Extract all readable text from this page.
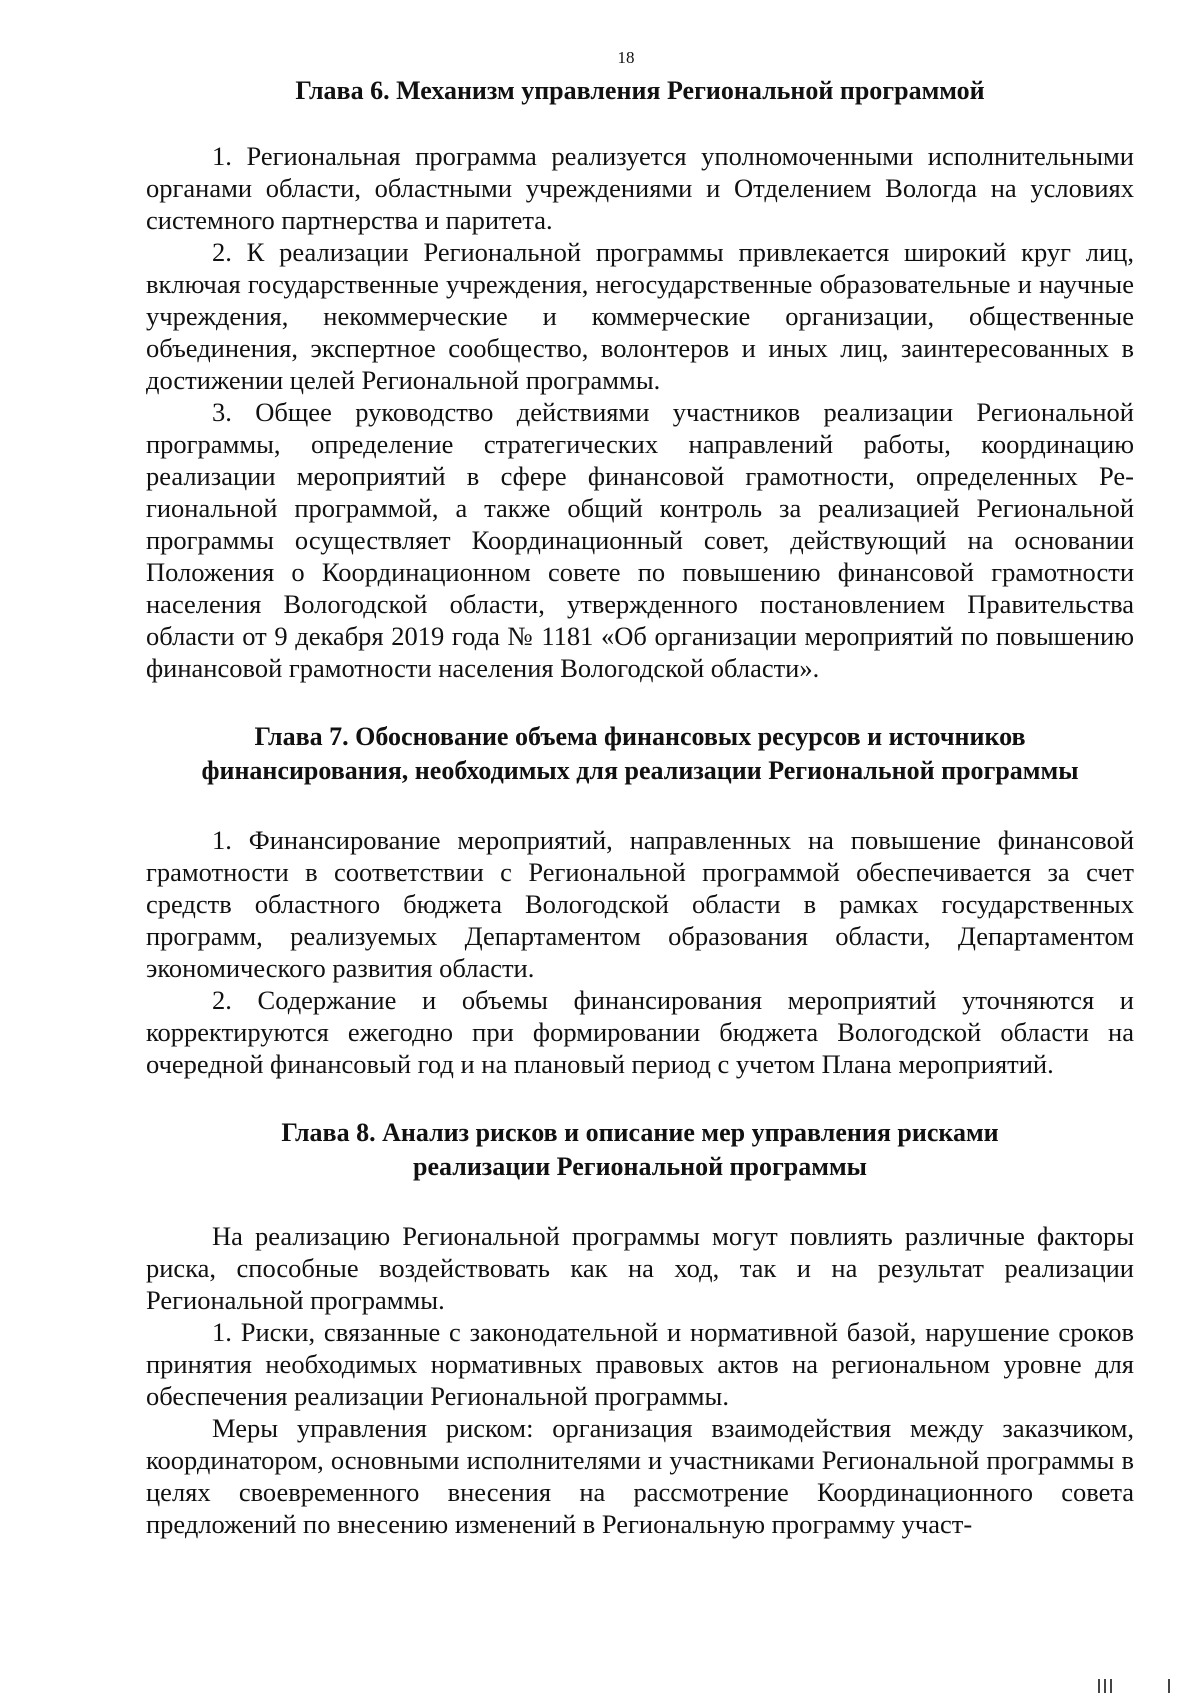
18
Глава 6. Механизм управления Региональной программой

1. Региональная программа реализуется уполномоченными исполнительными органами области, областными учреждениями и Отделением Вологда на условиях системного партнерства и паритета.

2. К реализации Региональной программы привлекается широкий круг лиц, включая государственные учреждения, негосударственные образовательные и научные учреждения, некоммерческие и коммерческие организации, общественные объединения, экспертное сообщество, волонтеров и иных лиц, заинтересованных в достижении целей Региональной программы.

3. Общее руководство действиями участников реализации Региональной программы, определение стратегических направлений работы, координацию реализации мероприятий в сфере финансовой грамотности, определенных Региональной программой, а также общий контроль за реализацией Региональной программы осуществляет Координационный совет, действующий на основании Положения о Координационном совете по повышению финансовой грамотности населения Вологодской области, утвержденного постановлением Правительства области от 9 декабря 2019 года № 1181 «Об организации мероприятий по повышению финансовой грамотности населения Вологодской области».

Глава 7. Обоснование объема финансовых ресурсов и источников
финансирования, необходимых для реализации Региональной программы

1. Финансирование мероприятий, направленных на повышение финансовой грамотности в соответствии с Региональной программой обеспечивается за счет средств областного бюджета Вологодской области в рамках государственных программ, реализуемых Департаментом образования области, Департаментом экономического развития области.

2. Содержание и объемы финансирования мероприятий уточняются и корректируются ежегодно при формировании бюджета Вологодской области на очередной финансовый год и на плановый период с учетом Плана мероприятий.

Глава 8. Анализ рисков и описание мер управления рисками
реализации Региональной программы

На реализацию Региональной программы могут повлиять различные факторы риска, способные воздействовать как на ход, так и на результат реализации Региональной программы.

1. Риски, связанные с законодательной и нормативной базой, нарушение сроков принятия необходимых нормативных правовых актов на региональном уровне для обеспечения реализации Региональной программы.

Меры управления риском: организация взаимодействия между заказчиком, координатором, основными исполнителями и участниками Региональной программы в целях своевременного внесения на рассмотрение Координационного совета предложений по внесению изменений в Региональную программу участ-
